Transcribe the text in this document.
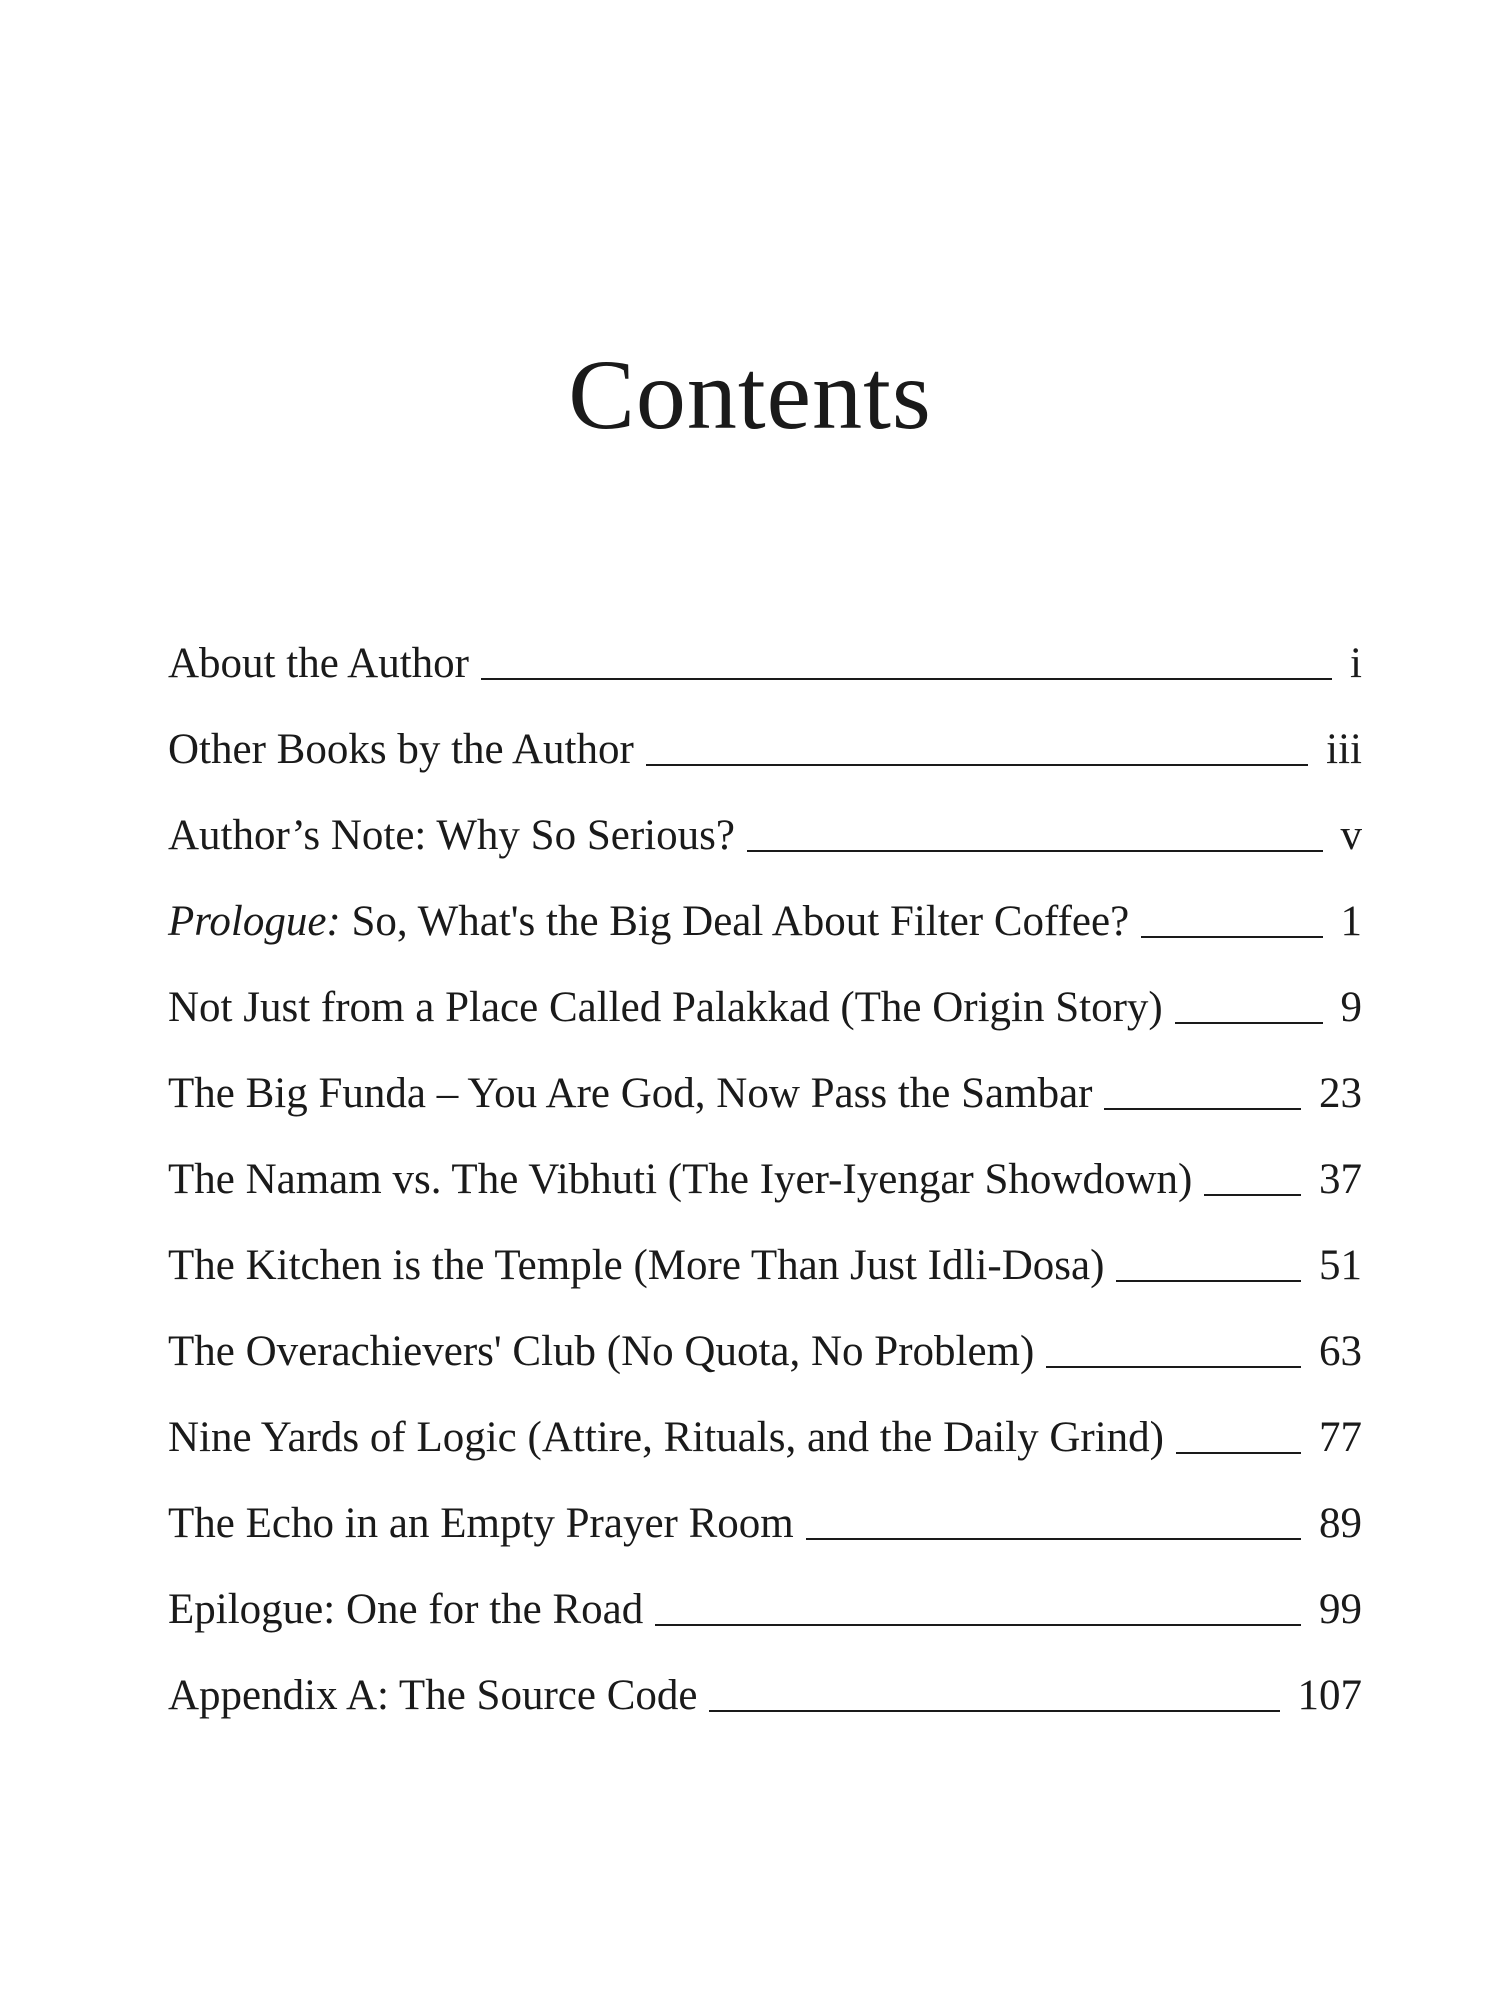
Contents
About the Author	i
Other Books by the Author	iii
Author’s Note: Why So Serious?	v
Prologue: So, What's the Big Deal About Filter Coffee?	1
Not Just from a Place Called Palakkad (The Origin Story)	9
The Big Funda – You Are God, Now Pass the Sambar	23
The Namam vs. The Vibhuti (The Iyer-Iyengar Showdown)	37
The Kitchen is the Temple (More Than Just Idli-Dosa)	51
The Overachievers' Club (No Quota, No Problem)	63
Nine Yards of Logic (Attire, Rituals, and the Daily Grind)	77
The Echo in an Empty Prayer Room	89
Epilogue: One for the Road	99
Appendix A: The Source Code	107
